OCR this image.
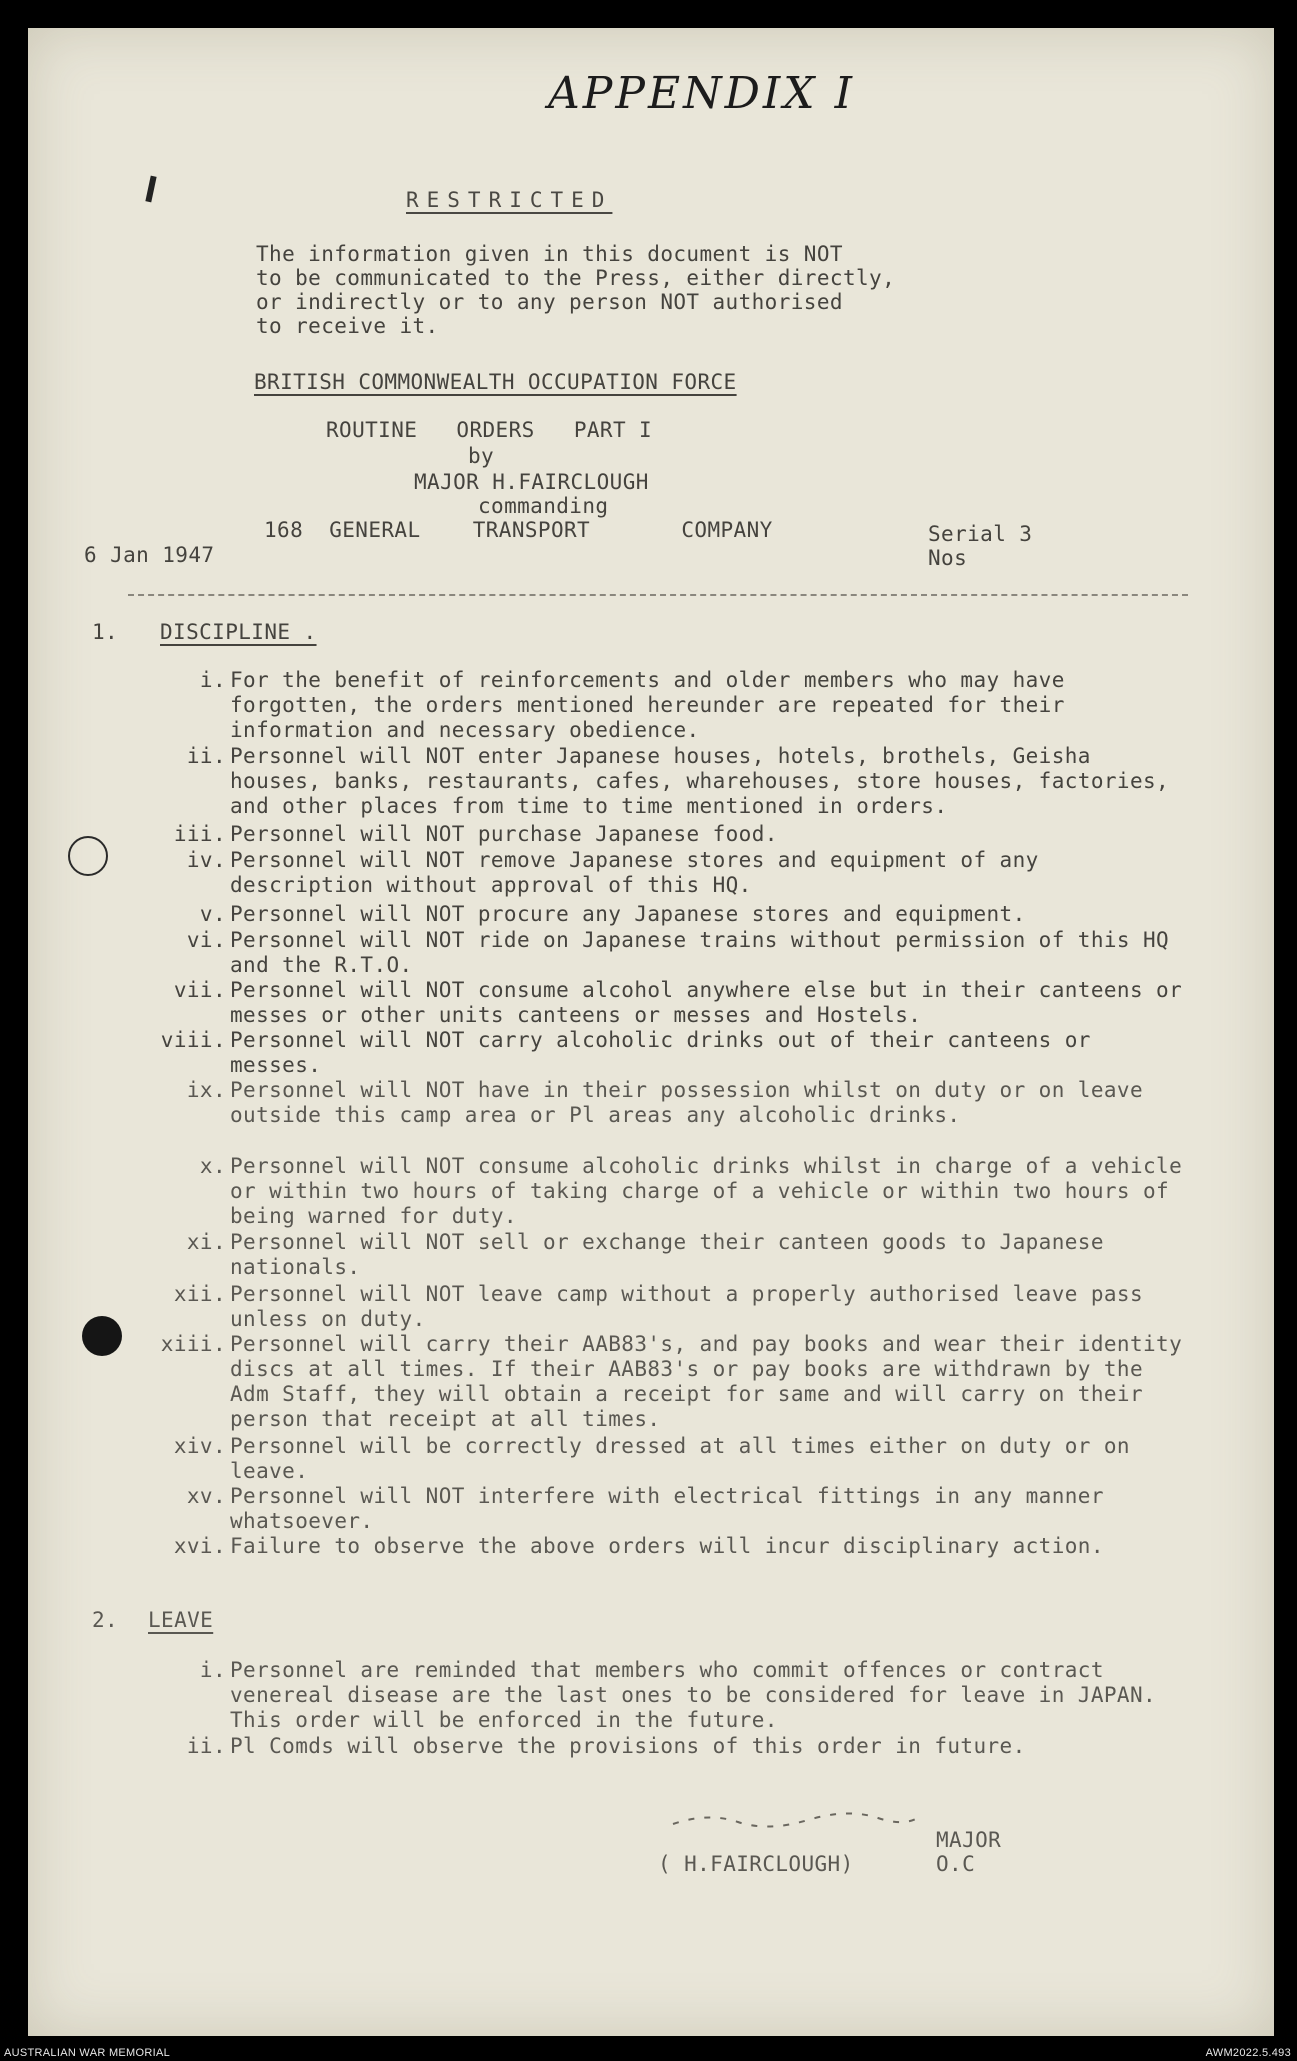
APPENDIX I
RESTRICTED
The information given in this document is NOT
to be communicated to the Press, either directly,
or indirectly or to any person NOT authorised
to receive it.
BRITISH COMMONWEALTH OCCUPATION FORCE
ROUTINE   ORDERS   PART I
by
MAJOR H.FAIRCLOUGH
commanding
168  GENERAL    TRANSPORT       COMPANY
6 Jan 1947
Serial 3
Nos
1. DISCIPLINE .
i. For the benefit of reinforcements and older members who may have forgotten, the orders mentioned hereunder are repeated for their information and necessary obedience.
ii. Personnel will NOT enter Japanese houses, hotels, brothels, Geisha houses, banks, restaurants, cafes, wharehouses, store houses, factories, and other places from time to time mentioned in orders.
iii. Personnel will NOT purchase Japanese food.
iv. Personnel will NOT remove Japanese stores and equipment of any description without approval of this HQ.
v. Personnel will NOT procure any Japanese stores and equipment.
vi. Personnel will NOT ride on Japanese trains without permission of this HQ and the R.T.O.
vii. Personnel will NOT consume alcohol anywhere else but in their canteens or messes or other units canteens or messes and Hostels.
viii. Personnel will NOT carry alcoholic drinks out of their canteens or messes.
ix. Personnel will NOT have in their possession whilst on duty or on leave outside this camp area or Pl areas any alcoholic drinks.
x. Personnel will NOT consume alcoholic drinks whilst in charge of a vehicle or within two hours of taking charge of a vehicle or within two hours of being warned for duty.
xi. Personnel will NOT sell or exchange their canteen goods to Japanese nationals.
xii. Personnel will NOT leave camp without a properly authorised leave pass unless on duty.
xiii. Personnel will carry their AAB83's, and pay books and wear their identity discs at all times. If their AAB83's or pay books are withdrawn by the Adm Staff, they will obtain a receipt for same and will carry on their person that receipt at all times.
xiv. Personnel will be correctly dressed at all times either on duty or on leave.
xv. Personnel will NOT interfere with electrical fittings in any manner whatsoever.
xvi. Failure to observe the above orders will incur disciplinary action.
2. LEAVE
i. Personnel are reminded that members who commit offences or contract venereal disease are the last ones to be considered for leave in JAPAN. This order will be enforced in the future.
ii. Pl Comds will observe the provisions of this order in future.
MAJOR
( H.FAIRCLOUGH)	O.C
AUSTRALIAN WAR MEMORIAL	AWM2022.5.493
